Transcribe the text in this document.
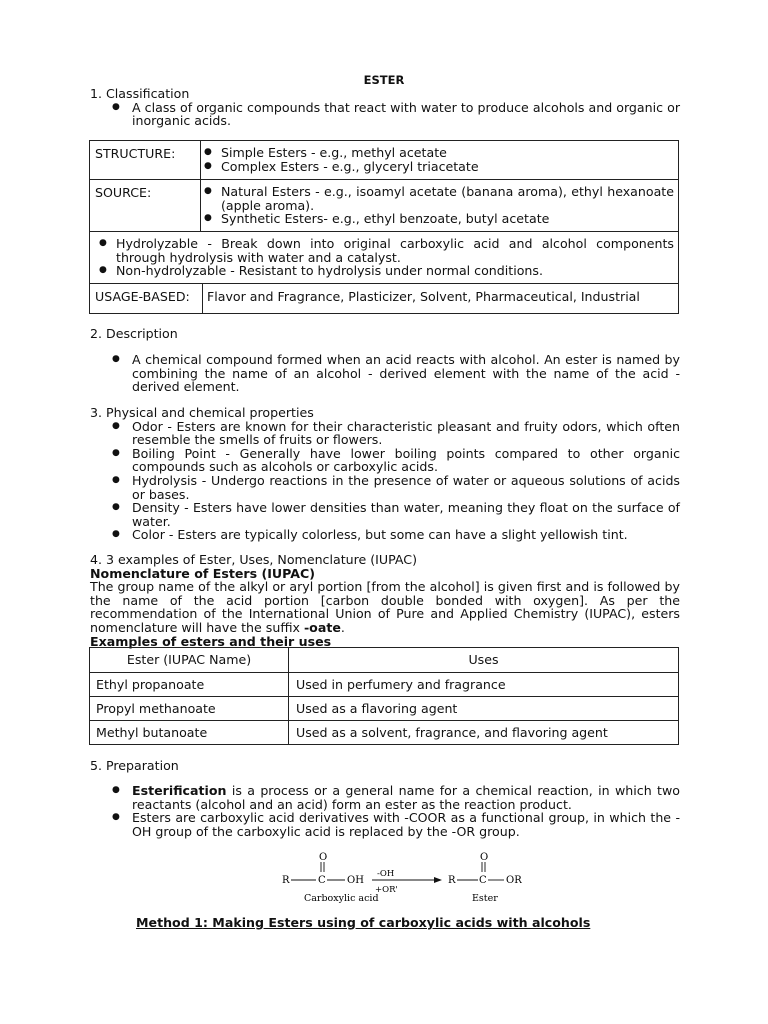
ESTER
1. Classification
● A class of organic compounds that react with water to produce alcohols and organic or inorganic acids.
STRUCTURE:	● Simple Esters - e.g., methyl acetate
● Complex Esters - e.g., glyceryl triacetate
SOURCE:	● Natural Esters - e.g., isoamyl acetate (banana aroma), ethyl hexanoate (apple aroma).
● Synthetic Esters- e.g., ethyl benzoate, butyl acetate
● Hydrolyzable - Break down into original carboxylic acid and alcohol components through hydrolysis with water and a catalyst.
● Non-hydrolyzable - Resistant to hydrolysis under normal conditions.
USAGE-BASED: Flavor and Fragrance, Plasticizer, Solvent, Pharmaceutical, Industrial
2. Description
● A chemical compound formed when an acid reacts with alcohol. An ester is named by combining the name of an alcohol - derived element with the name of the acid - derived element.
3. Physical and chemical properties
● Odor - Esters are known for their characteristic pleasant and fruity odors, which often resemble the smells of fruits or flowers.
● Boiling Point - Generally have lower boiling points compared to other organic compounds such as alcohols or carboxylic acids.
● Hydrolysis - Undergo reactions in the presence of water or aqueous solutions of acids or bases.
● Density - Esters have lower densities than water, meaning they float on the surface of water.
● Color - Esters are typically colorless, but some can have a slight yellowish tint.
4. 3 examples of Ester, Uses, Nomenclature (IUPAC)
Nomenclature of Esters (IUPAC)
The group name of the alkyl or aryl portion [from the alcohol] is given first and is followed by the name of the acid portion [carbon double bonded with oxygen]. As per the recommendation of the International Union of Pure and Applied Chemistry (IUPAC), esters nomenclature will have the suffix -oate.
Examples of esters and their uses
Ester (IUPAC Name)	Uses
Ethyl propanoate	Used in perfumery and fragrance
Propyl methanoate	Used as a flavoring agent
Methyl butanoate	Used as a solvent, fragrance, and flavoring agent
5. Preparation
● Esterification is a process or a general name for a chemical reaction, in which two reactants (alcohol and an acid) form an ester as the reaction product.
● Esters are carboxylic acid derivatives with -COOR as a functional group, in which the -OH group of the carboxylic acid is replaced by the -OR group.
O
R	C OH
Carboxylic acid
-OH
+OR'
O
R C OR
Ester
Method 1: Making Esters using of carboxylic acids with alcohols
